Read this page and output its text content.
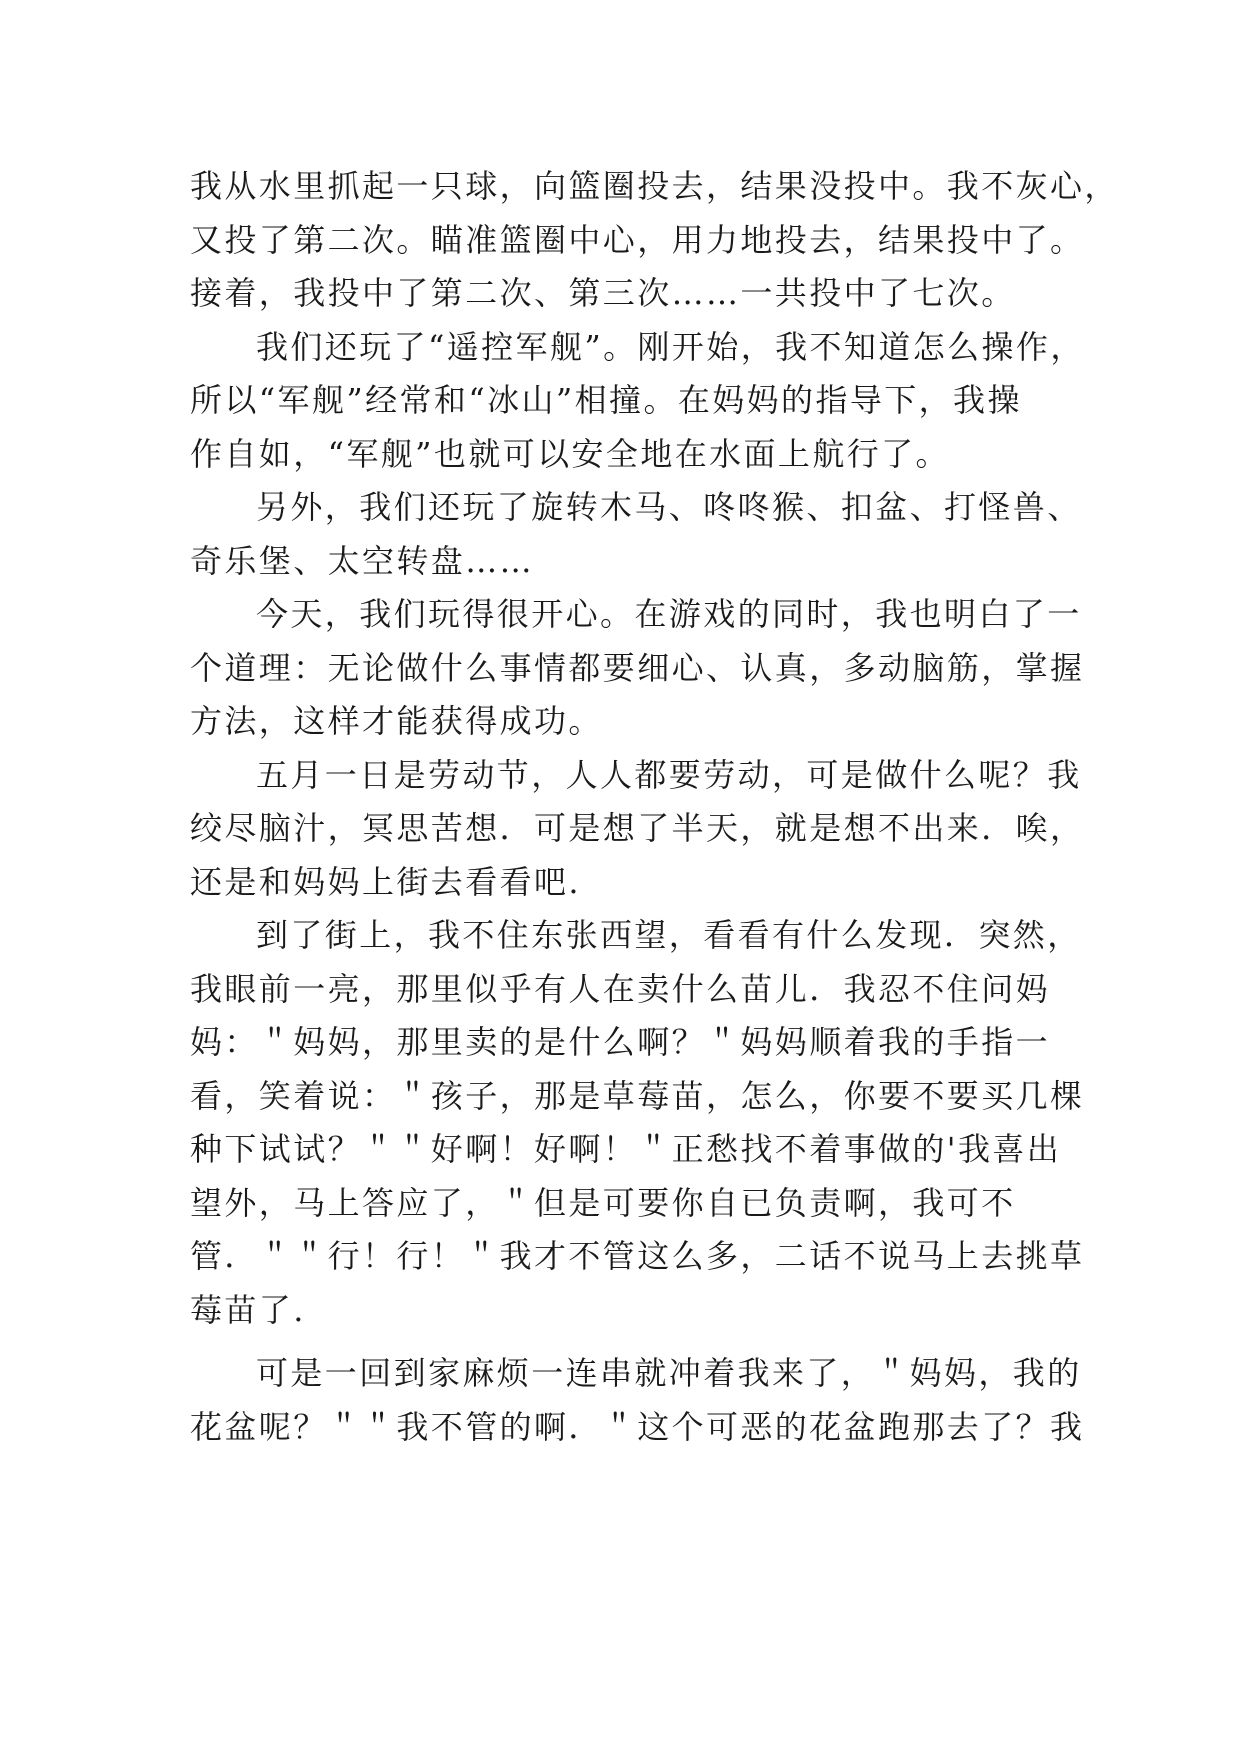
我从水里抓起一只球，向篮圈投去，结果没投中。我不灰心，
又投了第二次。瞄准篮圈中心，用力地投去，结果投中了。
接着，我投中了第二次、第三次……一共投中了七次。
我们还玩了“遥控军舰”。刚开始，我不知道怎么操作，
所以“军舰”经常和“冰山”相撞。在妈妈的指导下，我操
作自如，“军舰”也就可以安全地在水面上航行了。
另外，我们还玩了旋转木马、咚咚猴、扣盆、打怪兽、
奇乐堡、太空转盘……
今天，我们玩得很开心。在游戏的同时，我也明白了一
个道理：无论做什么事情都要细心、认真，多动脑筋，掌握
方法，这样才能获得成功。
五月一日是劳动节，人人都要劳动，可是做什么呢？我
绞尽脑汁，冥思苦想．可是想了半天，就是想不出来．唉，
还是和妈妈上街去看看吧.
到了街上，我不住东张西望，看看有什么发现．突然，
我眼前一亮，那里似乎有人在卖什么苗儿．我忍不住问妈
妈：＂妈妈，那里卖的是什么啊？＂妈妈顺着我的手指一
看，笑着说：＂孩子，那是草莓苗，怎么，你要不要买几棵
种下试试？＂＂好啊！好啊！＂正愁找不着事做的'我喜出
望外，马上答应了，＂但是可要你自已负责啊，我可不
管．＂＂行！行！＂我才不管这么多，二话不说马上去挑草
莓苗了.
可是一回到家麻烦一连串就冲着我来了，＂妈妈，我的
花盆呢？＂＂我不管的啊．＂这个可恶的花盆跑那去了？我
